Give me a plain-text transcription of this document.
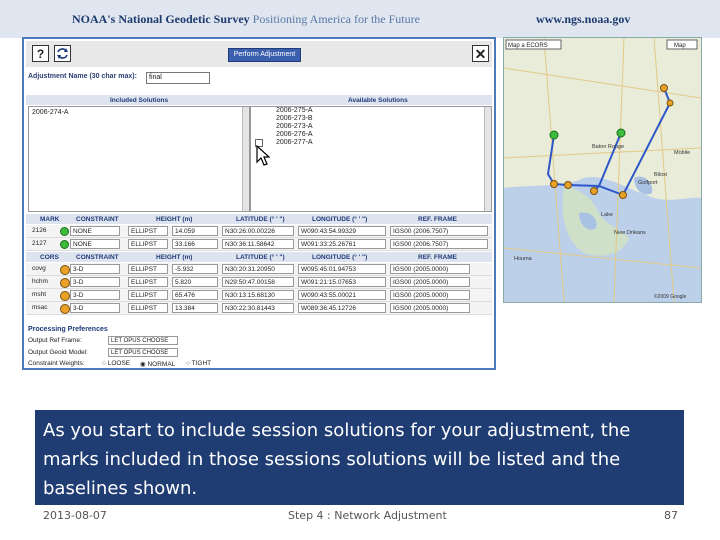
NOAA's National Geodetic Survey Positioning America for the Future	www.ngs.noaa.gov
?	Perform Adjustment	✕
Adjustment Name (30 char max):	final
Included Solutions	Available Solutions
2006-274-A	2006-275-A
2006-273-B
2006-273-A
2006-276-A
2006-277-A
MARK	CONSTRAINT	HEIGHT (m)	LATITUDE (° ' ")	LONGITUDE (° ' ")	REF. FRAME
2126	NONE	ELLIPST	14.059	N30:26:00.00226	W090:43:54.99329	IGS00 (2006.7507)
2127	NONE	ELLIPST	33.166	N30:36:11.58642	W091:33:25.26761	IGS00 (2006.7507)
CORS	CONSTRAINT	HEIGHT (m)	LATITUDE (° ' ")	LONGITUDE (° ' ")	REF. FRAME
covg	3-D	ELLIPST	-5.932	N30:20:31.20950	W095:45:01.94753	IGS00 (2005.0000)
hchm	3-D	ELLIPST	5.820	N29:50:47.00158	W091:21:15.07653	IGS00 (2005.0000)
msht	3-D	ELLIPST	65.476	N30:13:15.68130	W090:43:55.00021	IGS00 (2005.0000)
msac	3-D	ELLIPST	13.384	N30:22:30.81443	W089:36:45.12726	IGS00 (2005.0000)
Processing Preferences
Output Ref Frame:	LET OPUS CHOOSE
Output Geoid Model:	LET OPUS CHOOSE
Constraint Weights:	○ LOOSE ◉ NORMAL ○ TIGHT
Map a ECORS	Map
Baton Rouge
Lake
New Orleans
Gulfport
Biloxi
Mobile
Houma
©2009 Google
As you start to include session solutions for your adjustment, the marks included in those sessions solutions will be listed and the baselines shown.
2013-08-07	Step 4 : Network Adjustment	87
